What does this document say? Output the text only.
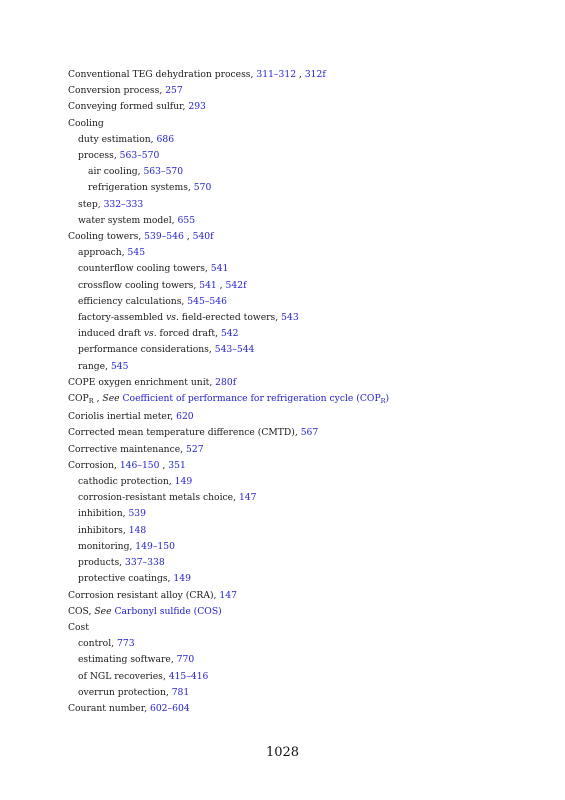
Conventional TEG dehydration process, 311–312 , 312f
Conversion process, 257
Conveying formed sulfur, 293
Cooling
duty estimation, 686
process, 563–570
air cooling, 563–570
refrigeration systems, 570
step, 332–333
water system model, 655
Cooling towers, 539–546 , 540f
approach, 545
counterflow cooling towers, 541
crossflow cooling towers, 541 , 542f
efficiency calculations, 545–546
factory-assembled vs. field-erected towers, 543
induced draft vs. forced draft, 542
performance considerations, 543–544
range, 545
COPE oxygen enrichment unit, 280f
$COP_R$ , See Coefficient of performance for refrigeration cycle $(COP_R)$
Coriolis inertial meter, 620
Corrected mean temperature difference (CMTD), 567
Corrective maintenance, 527
Corrosion, 146–150 , 351
cathodic protection, 149
corrosion-resistant metals choice, 147
inhibition, 539
inhibitors, 148
monitoring, 149–150
products, 337–338
protective coatings, 149
Corrosion resistant alloy (CRA), 147
COS, See Carbonyl sulfide (COS)
Cost
control, 773
estimating software, 770
of NGL recoveries, 415–416
overrun protection, 781
Courant number, 602–604
1028
